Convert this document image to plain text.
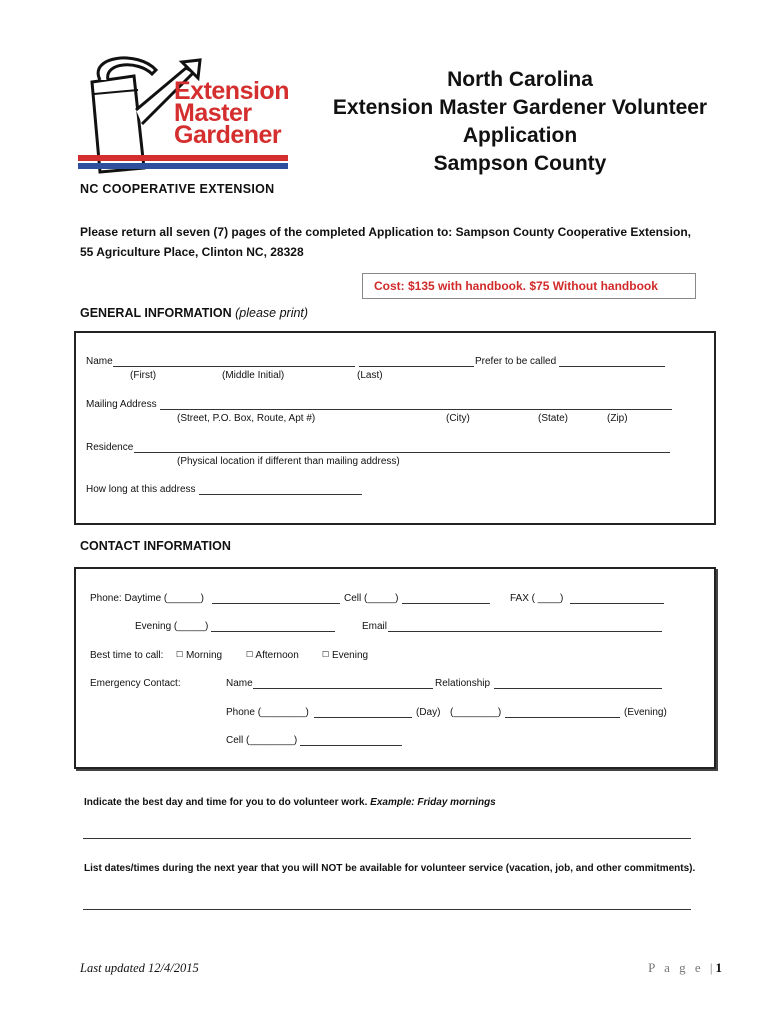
Extension
Master
Gardener
NC COOPERATIVE EXTENSION
North Carolina
Extension Master Gardener Volunteer
Application
Sampson County
Please return all seven (7) pages of the completed Application to: Sampson County Cooperative Extension,
55 Agriculture Place, Clinton NC, 28328
Cost: $135 with handbook. $75 Without handbook
GENERAL INFORMATION (please print)
Name	Prefer to be called
(First)	(Middle Initial)	(Last)
Mailing Address
(Street, P.O. Box, Route, Apt #)	(City)	(State)	(Zip)
Residence
(Physical location if different than mailing address)
How long at this address
CONTACT INFORMATION
Phone: Daytime (______)	Cell (_____)	FAX ( ____)
Evening (_____)	Email
Best time to call: ☐ Morning	☐ Afternoon	☐ Evening
Emergency Contact:	Name	Relationship
Phone (________)	(Day) (________)	(Evening)
Cell (________)
Indicate the best day and time for you to do volunteer work. Example: Friday mornings
List dates/times during the next year that you will NOT be available for volunteer service (vacation, job, and other commitments).
Last updated 12/4/2015	P a g e |1
